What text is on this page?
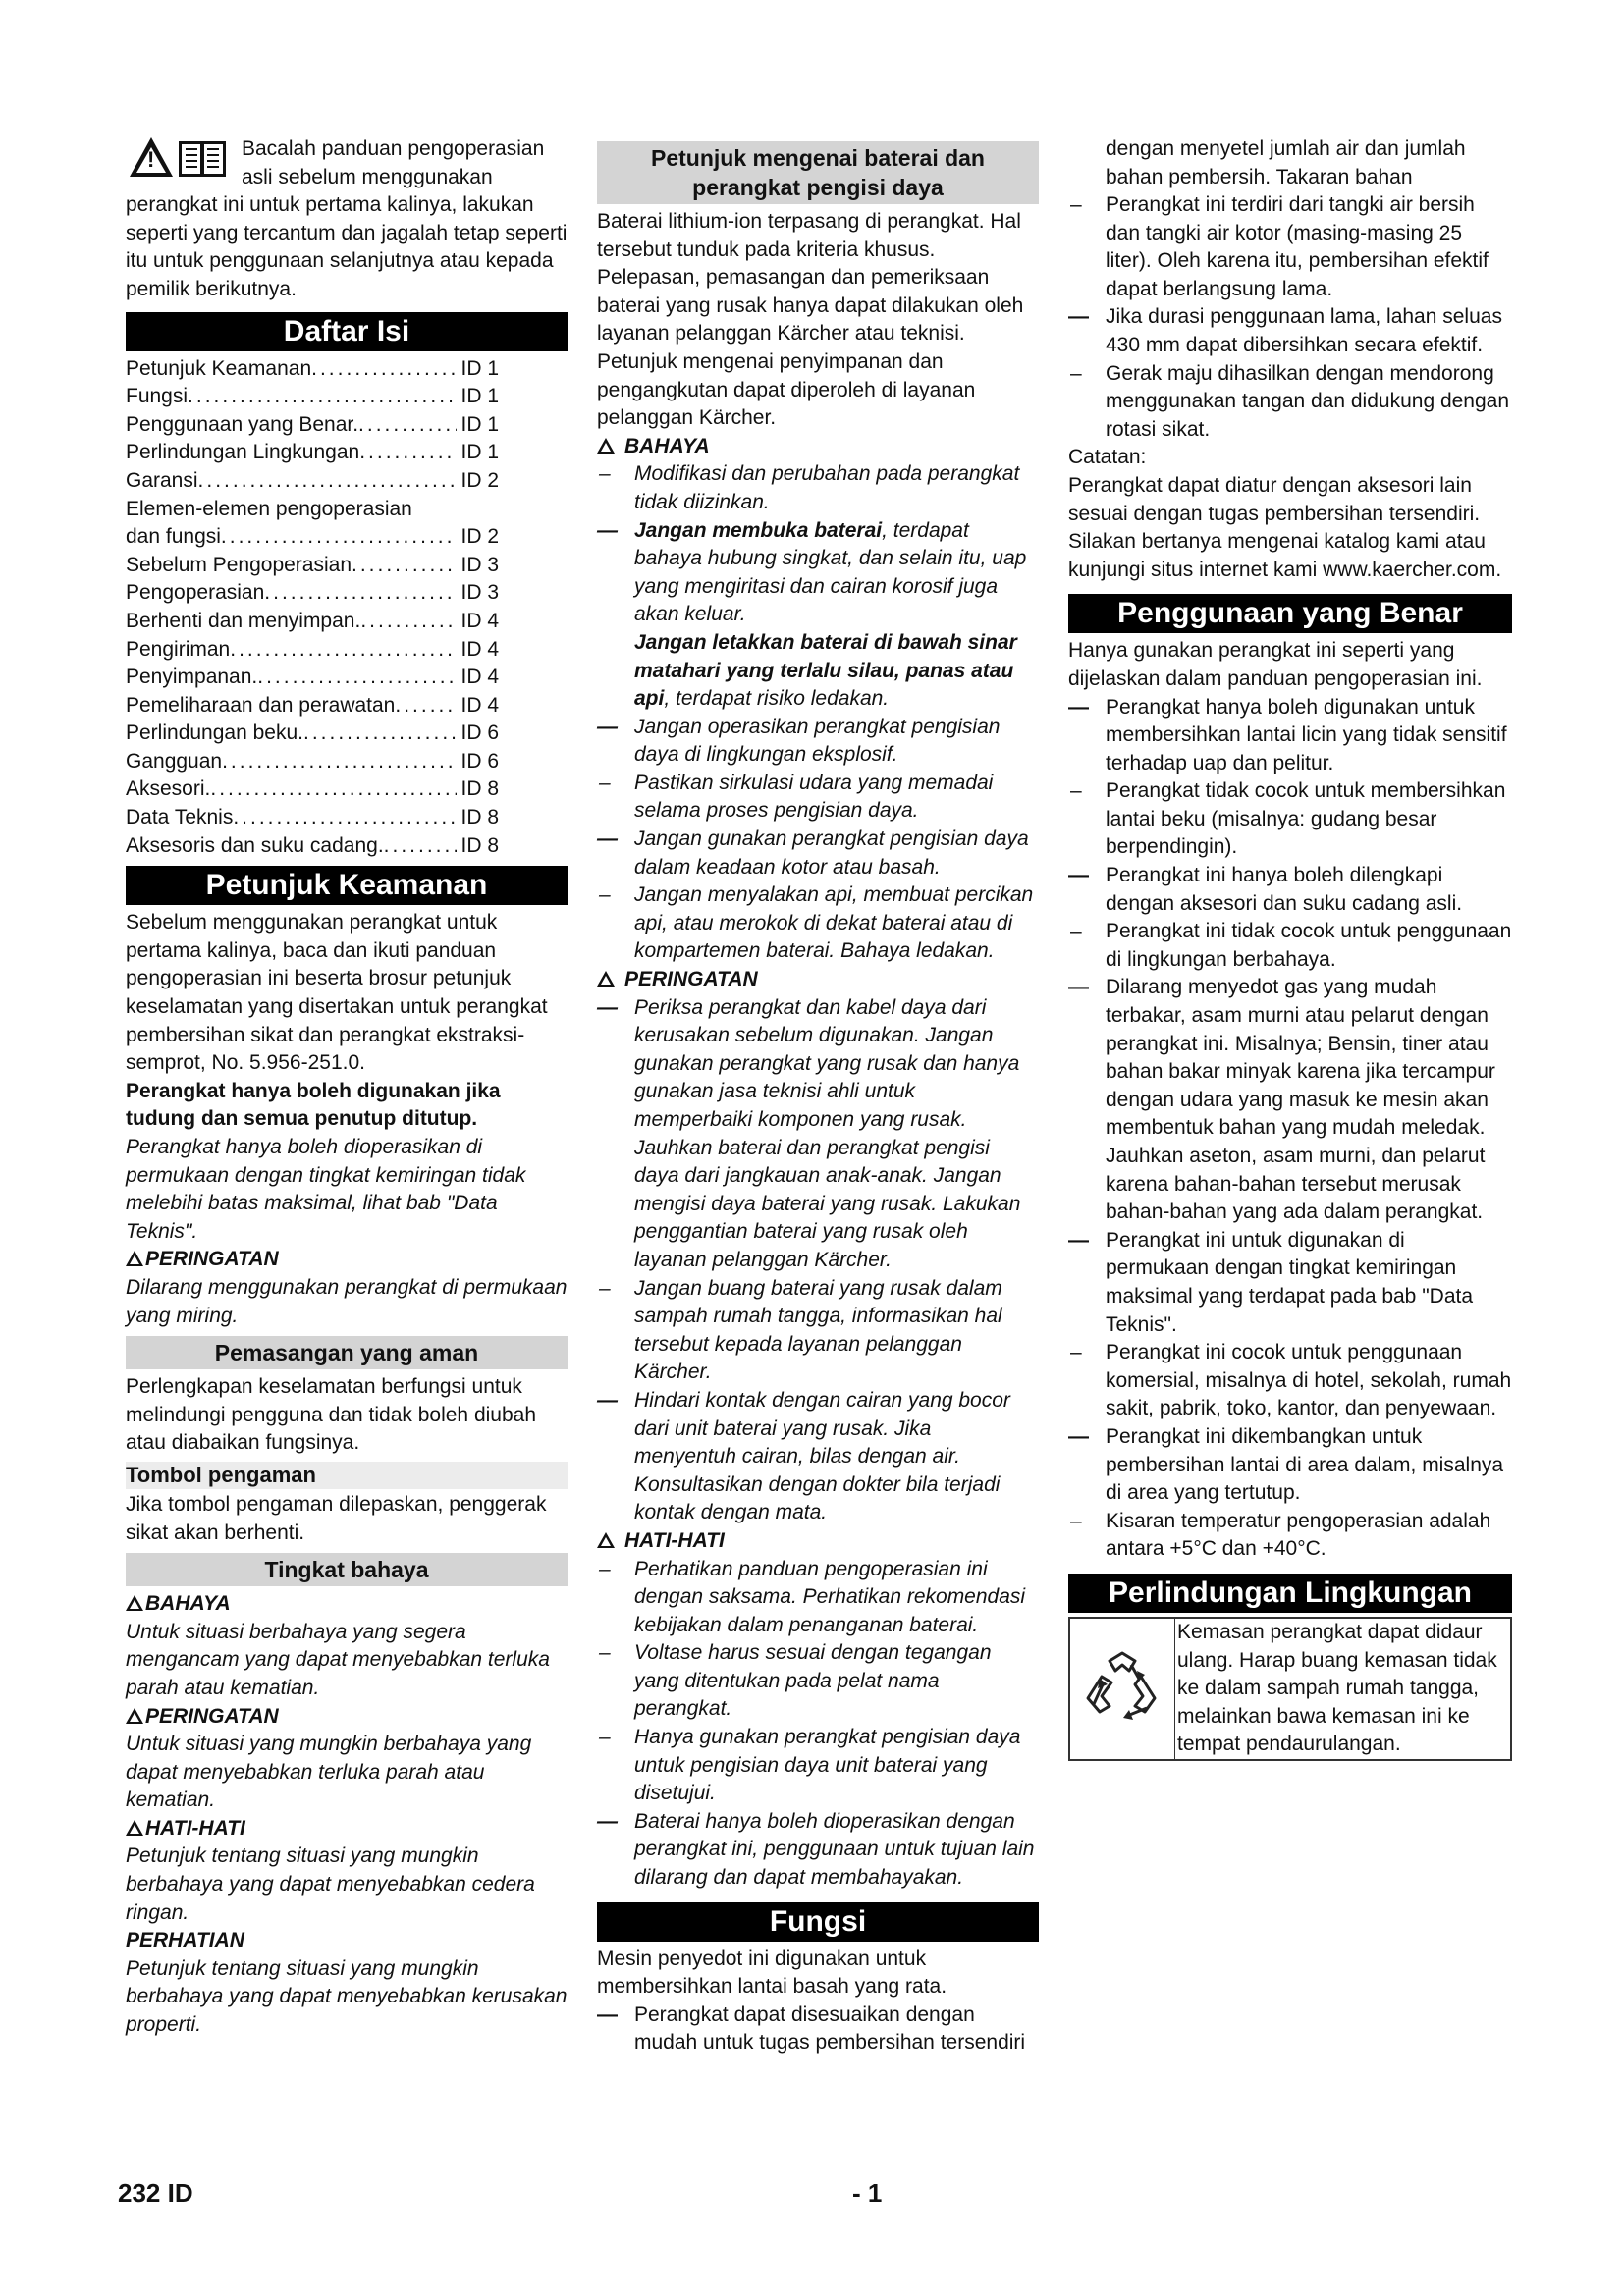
!

Bacalah panduan pengoperasian asli sebelum menggunakan perangkat ini untuk pertama kalinya, lakukan seperti yang tercantum dan jagalah tetap seperti itu untuk penggunaan selanjutnya atau kepada pemilik berikutnya.

Daftar Isi
Petunjuk Keamanan .....	ID 1
Fungsi .....	ID 1
Penggunaan yang Benar. .....	ID 1
Perlindungan Lingkungan .....	ID 1
Garansi .....	ID 2
Elemen-elemen pengoperasian
dan fungsi .....	ID 2
Sebelum Pengoperasian .....	ID 3
Pengoperasian .....	ID 3
Berhenti dan menyimpan. .....	ID 4
Pengiriman .....	ID 4
Penyimpanan. .....	ID 4
Pemeliharaan dan perawatan .....	ID 4
Perlindungan beku. .....	ID 6
Gangguan .....	ID 6
Aksesori. .....	ID 8
Data Teknis .....	ID 8
Aksesoris dan suku cadang. .....	ID 8
Petunjuk Keamanan

Sebelum menggunakan perangkat untuk pertama kalinya, baca dan ikuti panduan pengoperasian ini beserta brosur petunjuk keselamatan yang disertakan untuk perangkat pembersihan sikat dan perangkat ekstraksi-semprot, No. 5.956-251.0.

Perangkat hanya boleh digunakan jika tudung dan semua penutup ditutup.

Perangkat hanya boleh dioperasikan di permukaan dengan tingkat kemiringan tidak melebihi batas maksimal, lihat bab "Data Teknis".

PERINGATAN

Dilarang menggunakan perangkat di permukaan yang miring.

Pemasangan yang aman

Perlengkapan keselamatan berfungsi untuk melindungi pengguna dan tidak boleh diubah atau diabaikan fungsinya.

Tombol pengaman

Jika tombol pengaman dilepaskan, penggerak sikat akan berhenti.

Tingkat bahaya

BAHAYA

Untuk situasi berbahaya yang segera mengancam yang dapat menyebabkan terluka parah atau kematian.

PERINGATAN

Untuk situasi yang mungkin berbahaya yang dapat menyebabkan terluka parah atau kematian.

HATI-HATI

Petunjuk tentang situasi yang mungkin berbahaya yang dapat menyebabkan cedera ringan.

PERHATIAN

Petunjuk tentang situasi yang mungkin berbahaya yang dapat menyebabkan kerusakan properti.

Petunjuk mengenai baterai dan perangkat pengisi daya

Baterai lithium-ion terpasang di perangkat. Hal tersebut tunduk pada kriteria khusus. Pelepasan, pemasangan dan pemeriksaan baterai yang rusak hanya dapat dilakukan oleh layanan pelanggan Kärcher atau teknisi. Petunjuk mengenai penyimpanan dan pengangkutan dapat diperoleh di layanan pelanggan Kärcher.

BAHAYA

– Modifikasi dan perubahan pada perangkat tidak diizinkan.
— Jangan membuka baterai, terdapat bahaya hubung singkat, dan selain itu, uap yang mengiritasi dan cairan korosif juga akan keluar.
Jangan letakkan baterai di bawah sinar matahari yang terlalu silau, panas atau api, terdapat risiko ledakan.
— Jangan operasikan perangkat pengisian daya di lingkungan eksplosif.
– Pastikan sirkulasi udara yang memadai selama proses pengisian daya.
— Jangan gunakan perangkat pengisian daya dalam keadaan kotor atau basah.
– Jangan menyalakan api, membuat percikan api, atau merokok di dekat baterai atau di kompartemen baterai. Bahaya ledakan.

PERINGATAN

— Periksa perangkat dan kabel daya dari kerusakan sebelum digunakan. Jangan gunakan perangkat yang rusak dan hanya gunakan jasa teknisi ahli untuk memperbaiki komponen yang rusak. Jauhkan baterai dan perangkat pengisi daya dari jangkauan anak-anak. Jangan mengisi daya baterai yang rusak. Lakukan penggantian baterai yang rusak oleh layanan pelanggan Kärcher.
– Jangan buang baterai yang rusak dalam sampah rumah tangga, informasikan hal tersebut kepada layanan pelanggan Kärcher.
— Hindari kontak dengan cairan yang bocor dari unit baterai yang rusak. Jika menyentuh cairan, bilas dengan air. Konsultasikan dengan dokter bila terjadi kontak dengan mata.

HATI-HATI

– Perhatikan panduan pengoperasian ini dengan saksama. Perhatikan rekomendasi kebijakan dalam penanganan baterai.
– Voltase harus sesuai dengan tegangan yang ditentukan pada pelat nama perangkat.
– Hanya gunakan perangkat pengisian daya untuk pengisian daya unit baterai yang disetujui.
— Baterai hanya boleh dioperasikan dengan perangkat ini, penggunaan untuk tujuan lain dilarang dan dapat membahayakan.
Fungsi

Mesin penyedot ini digunakan untuk membersihkan lantai basah yang rata.

— Perangkat dapat disesuaikan dengan mudah untuk tugas pembersihan tersendiri
– dengan menyetel jumlah air dan jumlah bahan pembersih. Takaran bahan
– Perangkat ini terdiri dari tangki air bersih dan tangki air kotor (masing-masing 25 liter). Oleh karena itu, pembersihan efektif dapat berlangsung lama.
— Jika durasi penggunaan lama, lahan seluas 430 mm dapat dibersihkan secara efektif.
– Gerak maju dihasilkan dengan mendorong menggunakan tangan dan didukung dengan rotasi sikat.

Catatan:

Perangkat dapat diatur dengan aksesori lain sesuai dengan tugas pembersihan tersendiri. Silakan bertanya mengenai katalog kami atau kunjungi situs internet kami www.kaercher.com.

Penggunaan yang Benar

Hanya gunakan perangkat ini seperti yang dijelaskan dalam panduan pengoperasian ini.

— Perangkat hanya boleh digunakan untuk membersihkan lantai licin yang tidak sensitif terhadap uap dan pelitur.
– Perangkat tidak cocok untuk membersihkan lantai beku (misalnya: gudang besar berpendingin).
— Perangkat ini hanya boleh dilengkapi dengan aksesori dan suku cadang asli.
– Perangkat ini tidak cocok untuk penggunaan di lingkungan berbahaya.
— Dilarang menyedot gas yang mudah terbakar, asam murni atau pelarut dengan perangkat ini. Misalnya; Bensin, tiner atau bahan bakar minyak karena jika tercampur dengan udara yang masuk ke mesin akan membentuk bahan yang mudah meledak. Jauhkan aseton, asam murni, dan pelarut karena bahan-bahan tersebut merusak bahan-bahan yang ada dalam perangkat.
— Perangkat ini untuk digunakan di permukaan dengan tingkat kemiringan maksimal yang terdapat pada bab "Data Teknis".
– Perangkat ini cocok untuk penggunaan komersial, misalnya di hotel, sekolah, rumah sakit, pabrik, toko, kantor, dan penyewaan.
— Perangkat ini dikembangkan untuk pembersihan lantai di area dalam, misalnya di area yang tertutup.
– Kisaran temperatur pengoperasian adalah antara +5°C dan +40°C.
Perlindungan Lingkungan
Kemasan perangkat dapat didaur ulang. Harap buang kemasan tidak ke dalam sampah rumah tangga, melainkan bawa kemasan ini ke tempat pendaurulangan.
232 ID	- 1
